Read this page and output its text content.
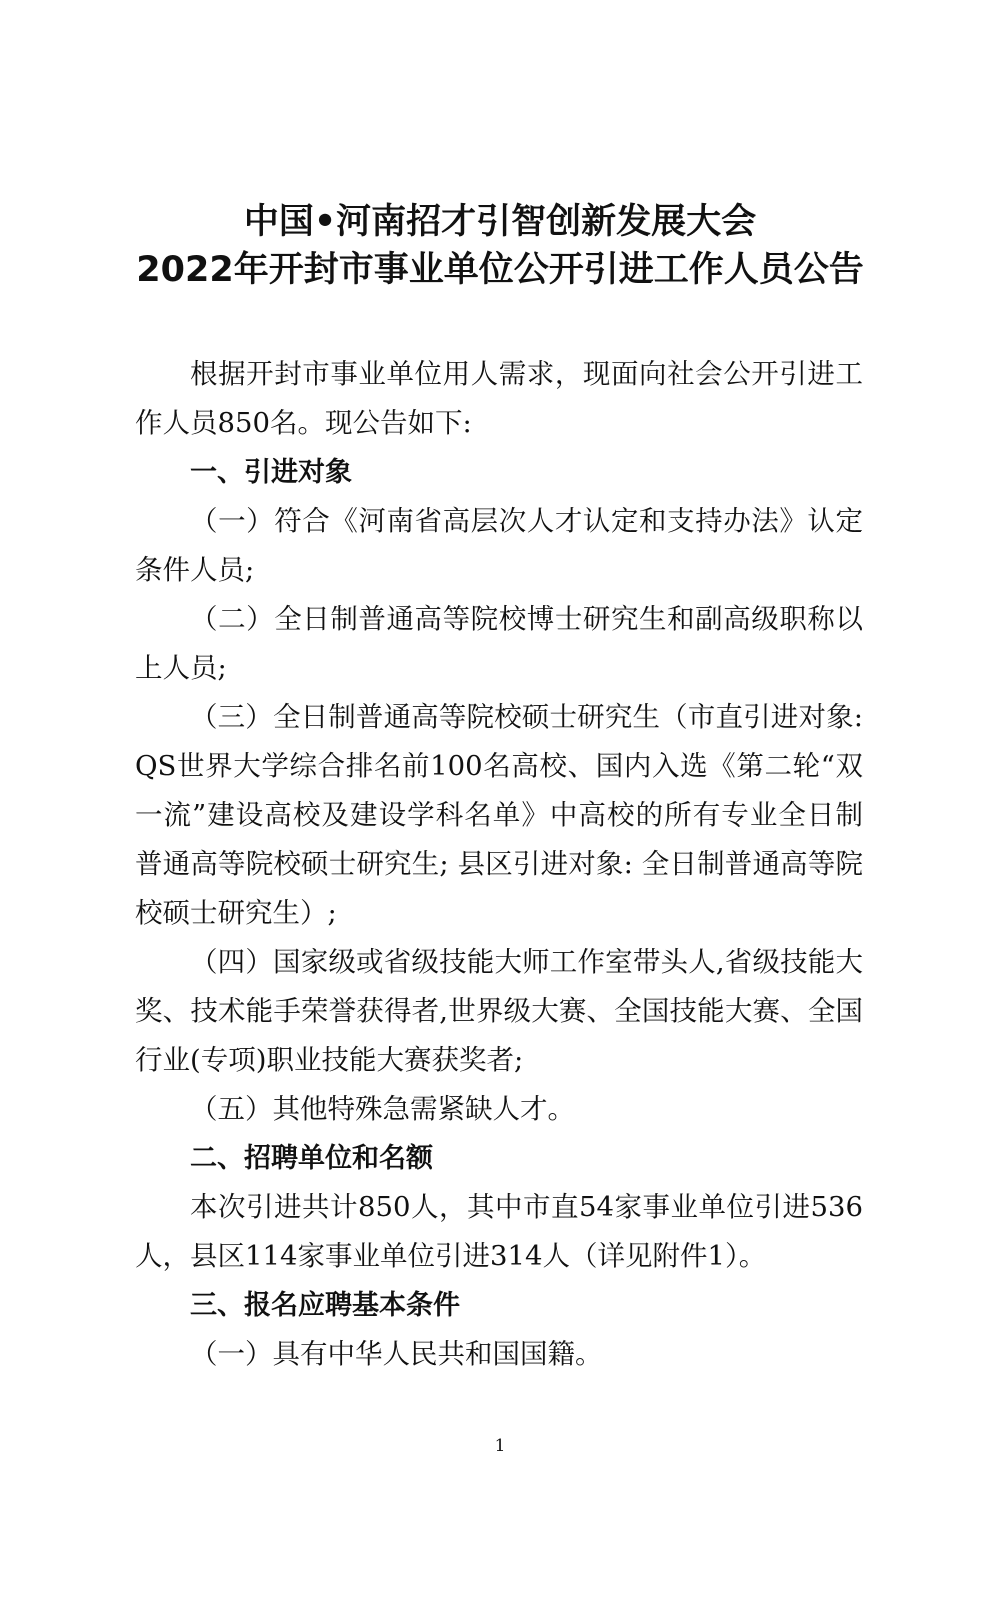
中国•河南招才引智创新发展大会
2022年开封市事业单位公开引进工作人员公告

根据开封市事业单位用人需求，现面向社会公开引进工作人员850名。现公告如下:

一、引进对象

（一）符合《河南省高层次人才认定和支持办法》认定条件人员;

（二）全日制普通高等院校博士研究生和副高级职称以上人员;

（三）全日制普通高等院校硕士研究生（市直引进对象: QS世界大学综合排名前100名高校、国内入选《第二轮“双一流”建设高校及建设学科名单》中高校的所有专业全日制普通高等院校硕士研究生; 县区引进对象: 全日制普通高等院校硕士研究生）;

（四）国家级或省级技能大师工作室带头人,省级技能大奖、技术能手荣誉获得者,世界级大赛、全国技能大赛、全国行业(专项)职业技能大赛获奖者;

（五）其他特殊急需紧缺人才。

二、招聘单位和名额

本次引进共计850人，其中市直54家事业单位引进536人，县区114家事业单位引进314人（详见附件1）。

三、报名应聘基本条件

（一）具有中华人民共和国国籍。

1
